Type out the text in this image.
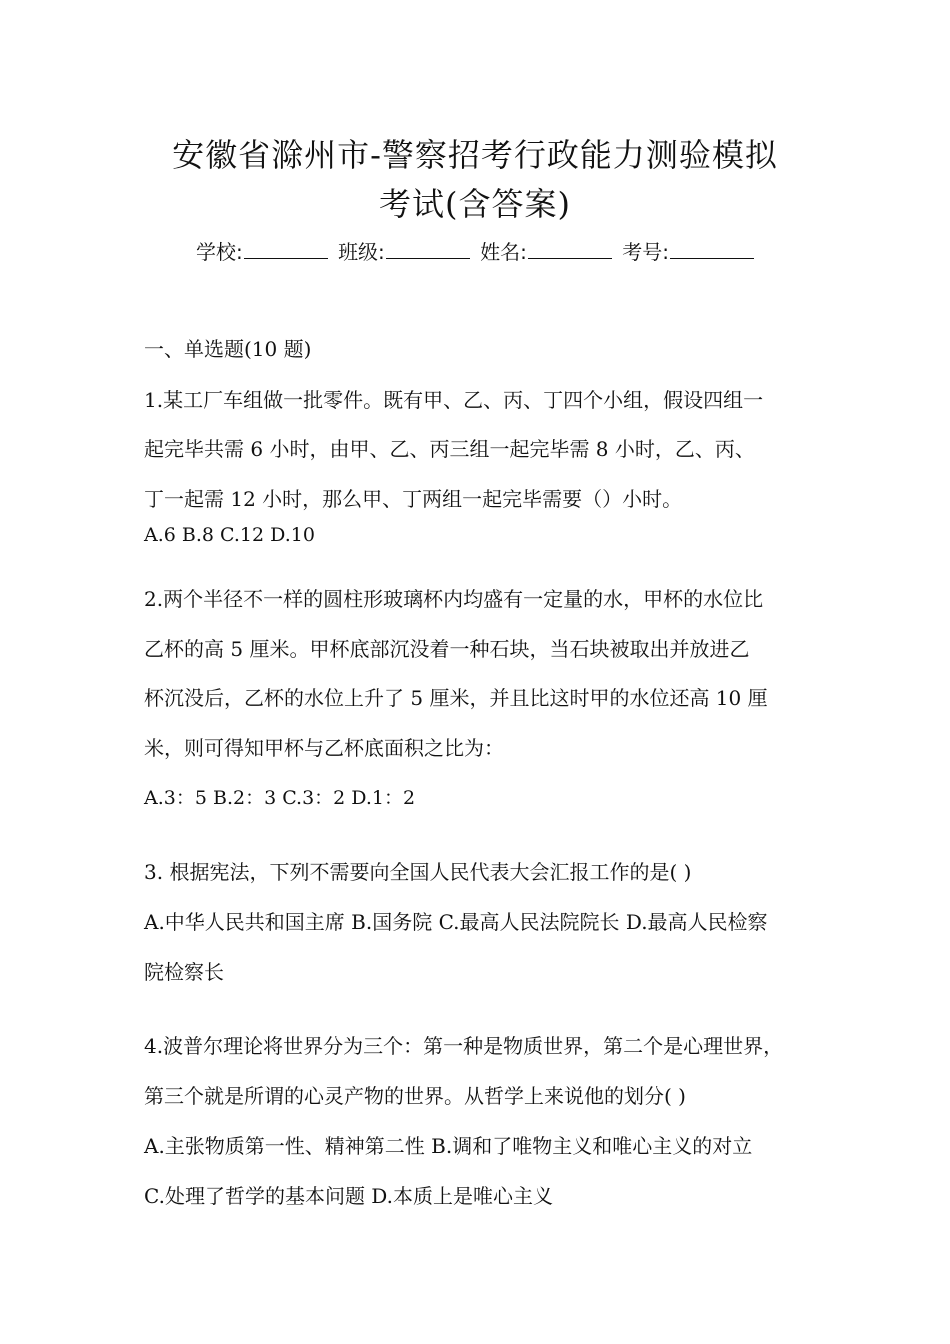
安徽省滁州市-警察招考行政能力测验模拟
考试(含答案)
学校:	班级:	姓名:	考号:

一、单选题(10 题)

1.某工厂车组做一批零件。既有甲、乙、丙、丁四个小组，假设四组一

起完毕共需 6 小时，由甲、乙、丙三组一起完毕需 8 小时，乙、丙、

丁一起需 12 小时，那么甲、丁两组一起完毕需要（）小时。

A.6 B.8 C.12 D.10

2.两个半径不一样的圆柱形玻璃杯内均盛有一定量的水，甲杯的水位比

乙杯的高 5 厘米。甲杯底部沉没着一种石块，当石块被取出并放进乙

杯沉没后，乙杯的水位上升了 5 厘米，并且比这时甲的水位还高 10 厘

米，则可得知甲杯与乙杯底面积之比为：

A.3：5 B.2：3 C.3：2 D.1：2

3. 根据宪法，下列不需要向全国人民代表大会汇报工作的是( )

A.中华人民共和国主席 B.国务院 C.最高人民法院院长 D.最高人民检察

院检察长

4.波普尔理论将世界分为三个：第一种是物质世界，第二个是心理世界，

第三个就是所谓的心灵产物的世界。从哲学上来说他的划分( )

A.主张物质第一性、精神第二性 B.调和了唯物主义和唯心主义的对立

C.处理了哲学的基本问题 D.本质上是唯心主义
